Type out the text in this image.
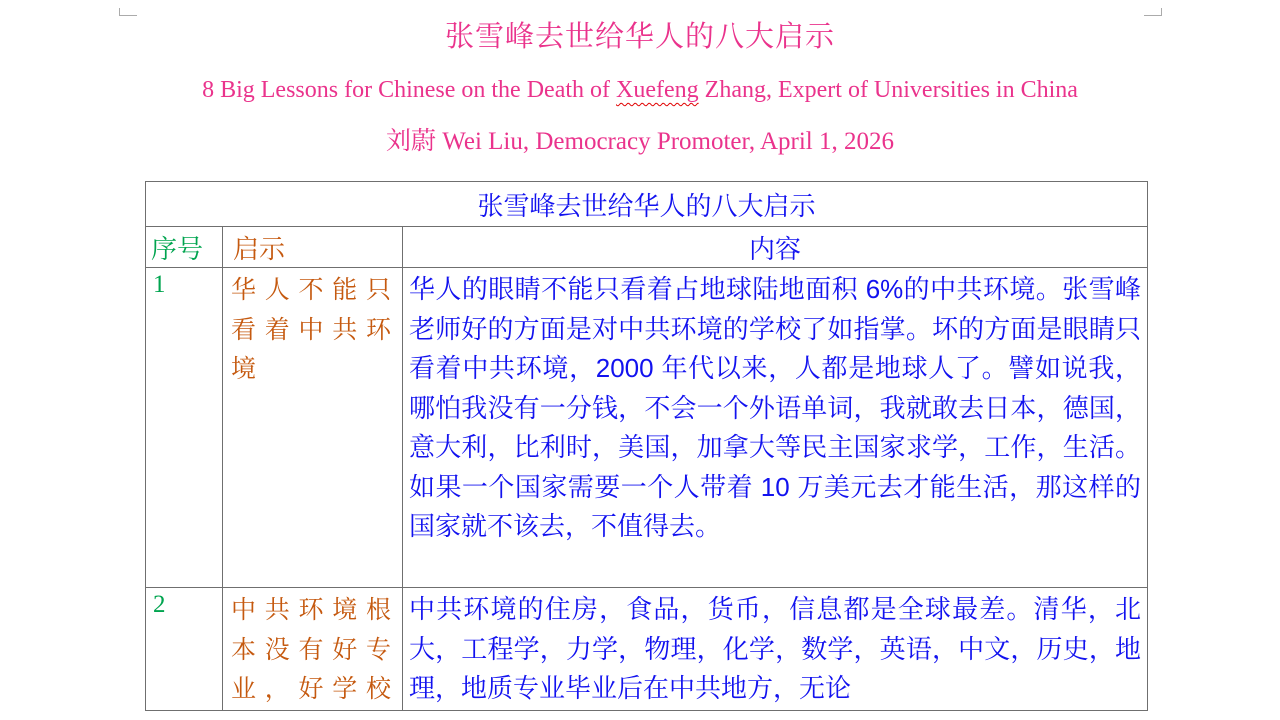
张雪峰去世给华人的八大启示

8 Big Lessons for Chinese on the Death of Xuefeng Zhang, Expert of Universities in China

刘蔚 Wei Liu, Democracy Promoter, April 1, 2026

张雪峰去世给华人的八大启示		
序号	启示	内容
1	华人不能只看着中共环境	华人的眼睛不能只看着占地球陆地面积 6%的中共环境。张雪峰老师好的方面是对中共环境的学校了如指掌。坏的方面是眼睛只看着中共环境，2000 年代以来，人都是地球人了。譬如说我，哪怕我没有一分钱，不会一个外语单词，我就敢去日本，德国，意大利，比利时，美国，加拿大等民主国家求学，工作，生活。如果一个国家需要一个人带着 10 万美元去才能生活，那这样的国家就不该去，不值得去。
2	中共环境根本没有好专业，好学校	中共环境的住房，食品，货币，信息都是全球最差。清华，北大，工程学，力学，物理，化学，数学，英语，中文，历史，地理，地质专业毕业后在中共地方，无论
